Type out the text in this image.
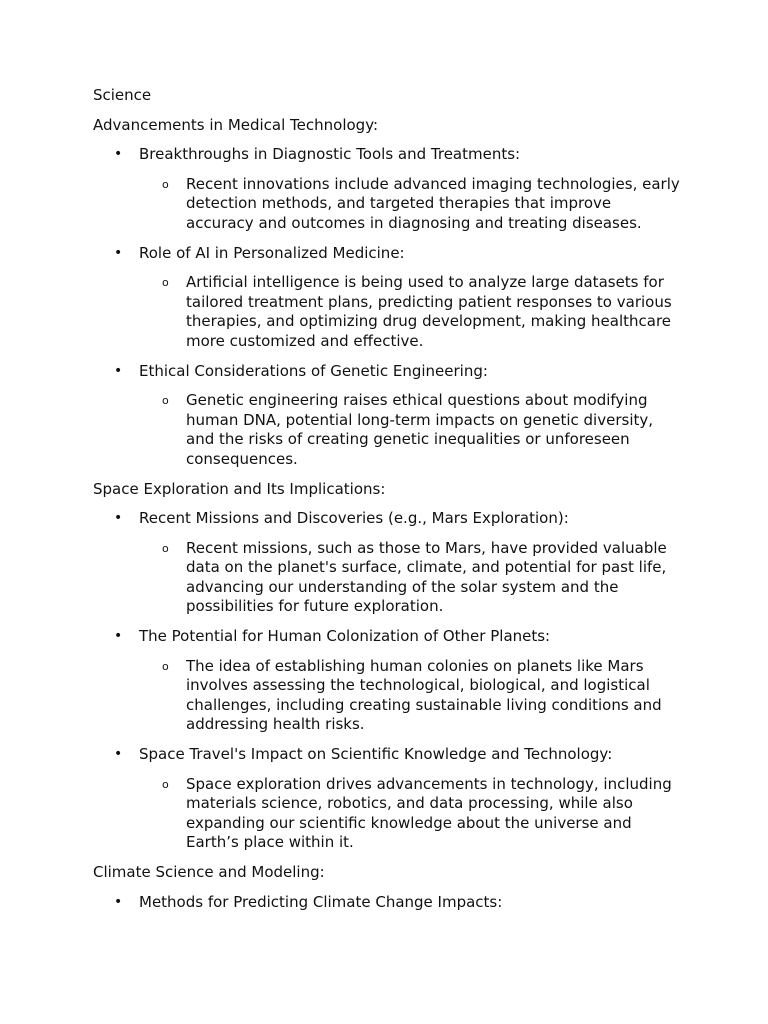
Science
Advancements in Medical Technology:
• Breakthroughs in Diagnostic Tools and Treatments:
o Recent innovations include advanced imaging technologies, early detection methods, and targeted therapies that improve accuracy and outcomes in diagnosing and treating diseases.
• Role of AI in Personalized Medicine:
o Artificial intelligence is being used to analyze large datasets for tailored treatment plans, predicting patient responses to various therapies, and optimizing drug development, making healthcare more customized and effective.
• Ethical Considerations of Genetic Engineering:
o Genetic engineering raises ethical questions about modifying human DNA, potential long-term impacts on genetic diversity, and the risks of creating genetic inequalities or unforeseen consequences.
Space Exploration and Its Implications:
• Recent Missions and Discoveries (e.g., Mars Exploration):
o Recent missions, such as those to Mars, have provided valuable data on the planet's surface, climate, and potential for past life, advancing our understanding of the solar system and the possibilities for future exploration.
• The Potential for Human Colonization of Other Planets:
o The idea of establishing human colonies on planets like Mars involves assessing the technological, biological, and logistical challenges, including creating sustainable living conditions and addressing health risks.
• Space Travel's Impact on Scientific Knowledge and Technology:
o Space exploration drives advancements in technology, including materials science, robotics, and data processing, while also expanding our scientific knowledge about the universe and Earth’s place within it.
Climate Science and Modeling:
• Methods for Predicting Climate Change Impacts:
